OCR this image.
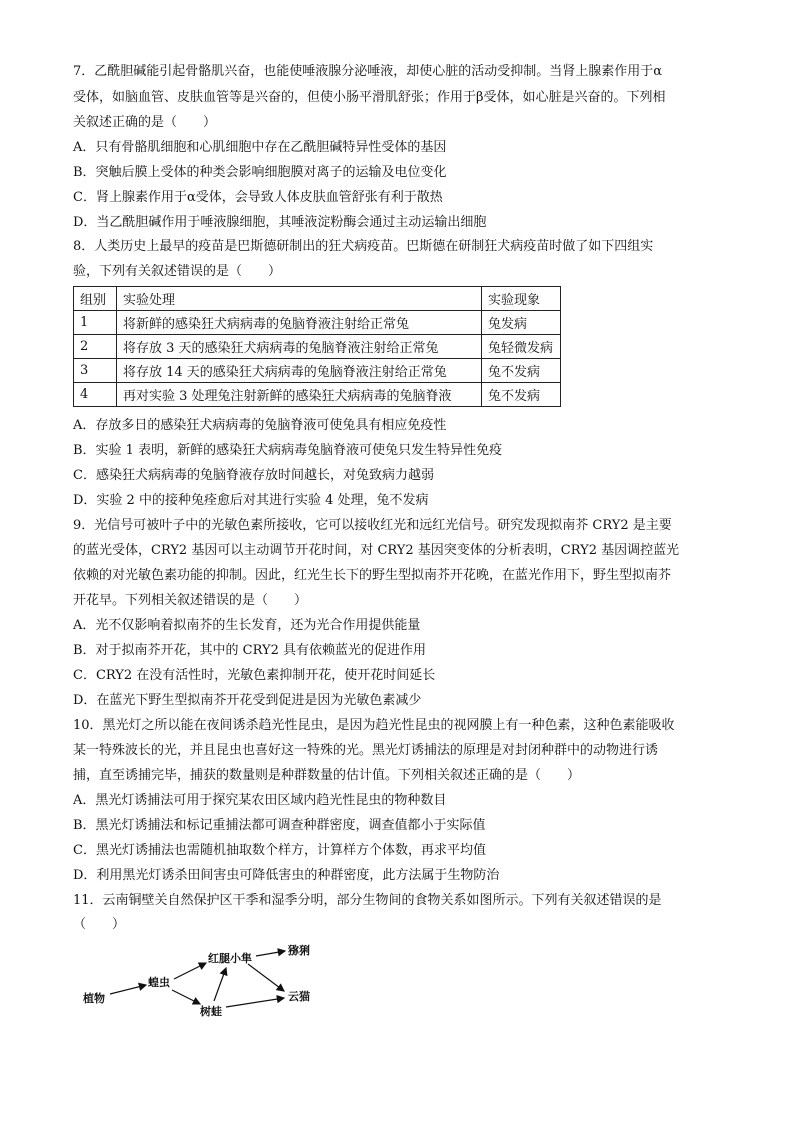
7．乙酰胆碱能引起骨骼肌兴奋，也能使唾液腺分泌唾液，却使心脏的活动受抑制。当肾上腺素作用于α
受体，如脑血管、皮肤血管等是兴奋的，但使小肠平滑肌舒张；作用于β受体，如心脏是兴奋的。下列相
关叙述正确的是（　　）
A．只有骨骼肌细胞和心肌细胞中存在乙酰胆碱特异性受体的基因
B．突触后膜上受体的种类会影响细胞膜对离子的运输及电位变化
C．肾上腺素作用于α受体，会导致人体皮肤血管舒张有利于散热
D．当乙酰胆碱作用于唾液腺细胞，其唾液淀粉酶会通过主动运输出细胞
8．人类历史上最早的疫苗是巴斯德研制出的狂犬病疫苗。巴斯德在研制狂犬病疫苗时做了如下四组实
验，下列有关叙述错误的是（　　）
组别	实验处理	实验现象
1	将新鲜的感染狂犬病病毒的兔脑脊液注射给正常兔	兔发病
2	将存放 3 天的感染狂犬病病毒的兔脑脊液注射给正常兔	兔轻微发病
3	将存放 14 天的感染狂犬病病毒的兔脑脊液注射给正常兔	兔不发病
4	再对实验 3 处理兔注射新鲜的感染狂犬病病毒的兔脑脊液	兔不发病
A．存放多日的感染狂犬病病毒的兔脑脊液可使兔具有相应免疫性
B．实验 1 表明，新鲜的感染狂犬病病毒兔脑脊液可使兔只发生特异性免疫
C．感染狂犬病病毒的兔脑脊液存放时间越长，对兔致病力越弱
D．实验 2 中的接种兔痊愈后对其进行实验 4 处理，兔不发病
9．光信号可被叶子中的光敏色素所接收，它可以接收红光和远红光信号。研究发现拟南芥 CRY2 是主要
的蓝光受体，CRY2 基因可以主动调节开花时间，对 CRY2 基因突变体的分析表明，CRY2 基因调控蓝光
依赖的对光敏色素功能的抑制。因此，红光生长下的野生型拟南芥开花晚，在蓝光作用下，野生型拟南芥
开花早。下列相关叙述错误的是（　　）
A．光不仅影响着拟南芥的生长发育，还为光合作用提供能量
B．对于拟南芥开花，其中的 CRY2 具有依赖蓝光的促进作用
C．CRY2 在没有活性时，光敏色素抑制开花，使开花时间延长
D．在蓝光下野生型拟南芥开花受到促进是因为光敏色素减少
10．黑光灯之所以能在夜间诱杀趋光性昆虫，是因为趋光性昆虫的视网膜上有一种色素，这种色素能吸收
某一特殊波长的光，并且昆虫也喜好这一特殊的光。黑光灯诱捕法的原理是对封闭种群中的动物进行诱
捕，直至诱捕完毕，捕获的数量则是种群数量的估计值。下列相关叙述正确的是（　　）
A．黑光灯诱捕法可用于探究某农田区域内趋光性昆虫的物种数目
B．黑光灯诱捕法和标记重捕法都可调查种群密度，调查值都小于实际值
C．黑光灯诱捕法也需随机抽取数个样方，计算样方个体数，再求平均值
D．利用黑光灯诱杀田间害虫可降低害虫的种群密度，此方法属于生物防治
11．云南铜壁关自然保护区干季和湿季分明，部分生物间的食物关系如图所示。下列有关叙述错误的是
（　　）
植物
蝗虫
红腿小隼
树蛙
猕猁
云猫
